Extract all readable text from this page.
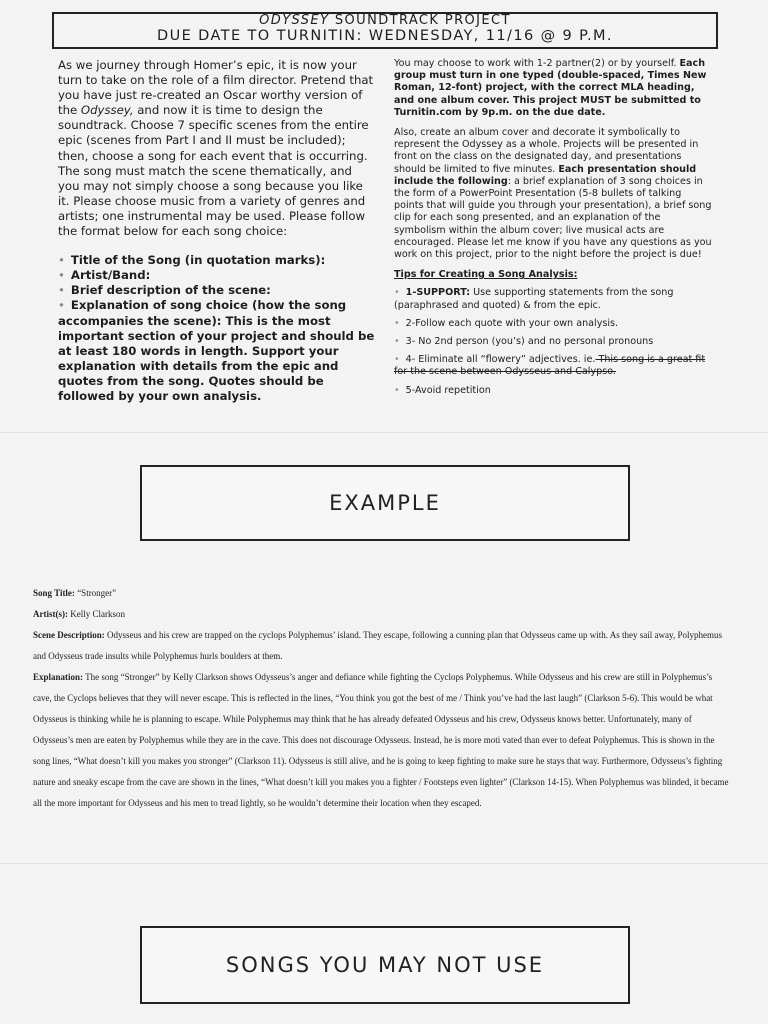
ODYSSEY SOUNDTRACK PROJECT
DUE DATE TO TURNITIN: WEDNESDAY, 11/16 @ 9 P.M.

As we journey through Homer’s epic, it is now your turn to take on the role of a film director. Pretend that you have just re-created an Oscar worthy version of the Odyssey, and now it is time to design the soundtrack. Choose 7 specific scenes from the entire epic (scenes from Part I and II must be included); then, choose a song for each event that is occurring. The song must match the scene thematically, and you may not simply choose a song because you like it. Please choose music from a variety of genres and artists; one instrumental may be used. Please follow the format below for each song choice:

• Title of the Song (in quotation marks):
• Artist/Band:
• Brief description of the scene:
• Explanation of song choice (how the song accompanies the scene): This is the most important section of your project and should be at least 180 words in length. Support your explanation with details from the epic and quotes from the song. Quotes should be followed by your own analysis.

You may choose to work with 1-2 partner(2) or by yourself. Each group must turn in one typed (double-spaced, Times New Roman, 12-font) project, with the correct MLA heading, and one album cover. This project MUST be submitted to Turnitin.com by 9p.m. on the due date.

Also, create an album cover and decorate it symbolically to represent the Odyssey as a whole. Projects will be presented in front on the class on the designated day, and presentations should be limited to five minutes. Each presentation should include the following: a brief explanation of 3 song choices in the form of a PowerPoint Presentation (5-8 bullets of talking points that will guide you through your presentation), a brief song clip for each song presented, and an explanation of the symbolism within the album cover; live musical acts are encouraged. Please let me know if you have any questions as you work on this project, prior to the night before the project is due!

Tips for Creating a Song Analysis:
• 1-SUPPORT: Use supporting statements from the song (paraphrased and quoted) & from the epic.
• 2-Follow each quote with your own analysis.
• 3- No 2nd person (you’s) and no personal pronouns
• 4- Eliminate all “flowery” adjectives. ie. This song is a great fit for the scene between Odysseus and Calypso.
• 5-Avoid repetition
EXAMPLE

Song Title: “Stronger”

Artist(s): Kelly Clarkson

Scene Description: Odysseus and his crew are trapped on the cyclops Polyphemus’ island. They escape, following a cunning plan that Odysseus came up with. As they sail away, Polyphemus and Odysseus trade insults while Polyphemus hurls boulders at them.

Explanation: The song “Stronger” by Kelly Clarkson shows Odysseus’s anger and defiance while fighting the Cyclops Polyphemus. While Odysseus and his crew are still in Polyphemus’s cave, the Cyclops believes that they will never escape. This is reflected in the lines, “You think you got the best of me / Think you’ve had the last laugh” (Clarkson 5-6). This would be what Odysseus is thinking while he is planning to escape. While Polyphemus may think that he has already defeated Odysseus and his crew, Odysseus knows better. Unfortunately, many of Odysseus’s men are eaten by Polyphemus while they are in the cave. This does not discourage Odysseus. Instead, he is more moti vated than ever to defeat Polyphemus. This is shown in the song lines, “What doesn’t kill you makes you stronger” (Clarkson 11). Odysseus is still alive, and he is going to keep fighting to make sure he stays that way. Furthermore, Odysseus’s fighting nature and sneaky escape from the cave are shown in the lines, “What doesn’t kill you makes you a fighter / Footsteps even lighter” (Clarkson 14-15). When Polyphemus was blinded, it became all the more important for Odysseus and his men to tread lightly, so he wouldn’t determine their location when they escaped.

SONGS YOU MAY NOT USE
